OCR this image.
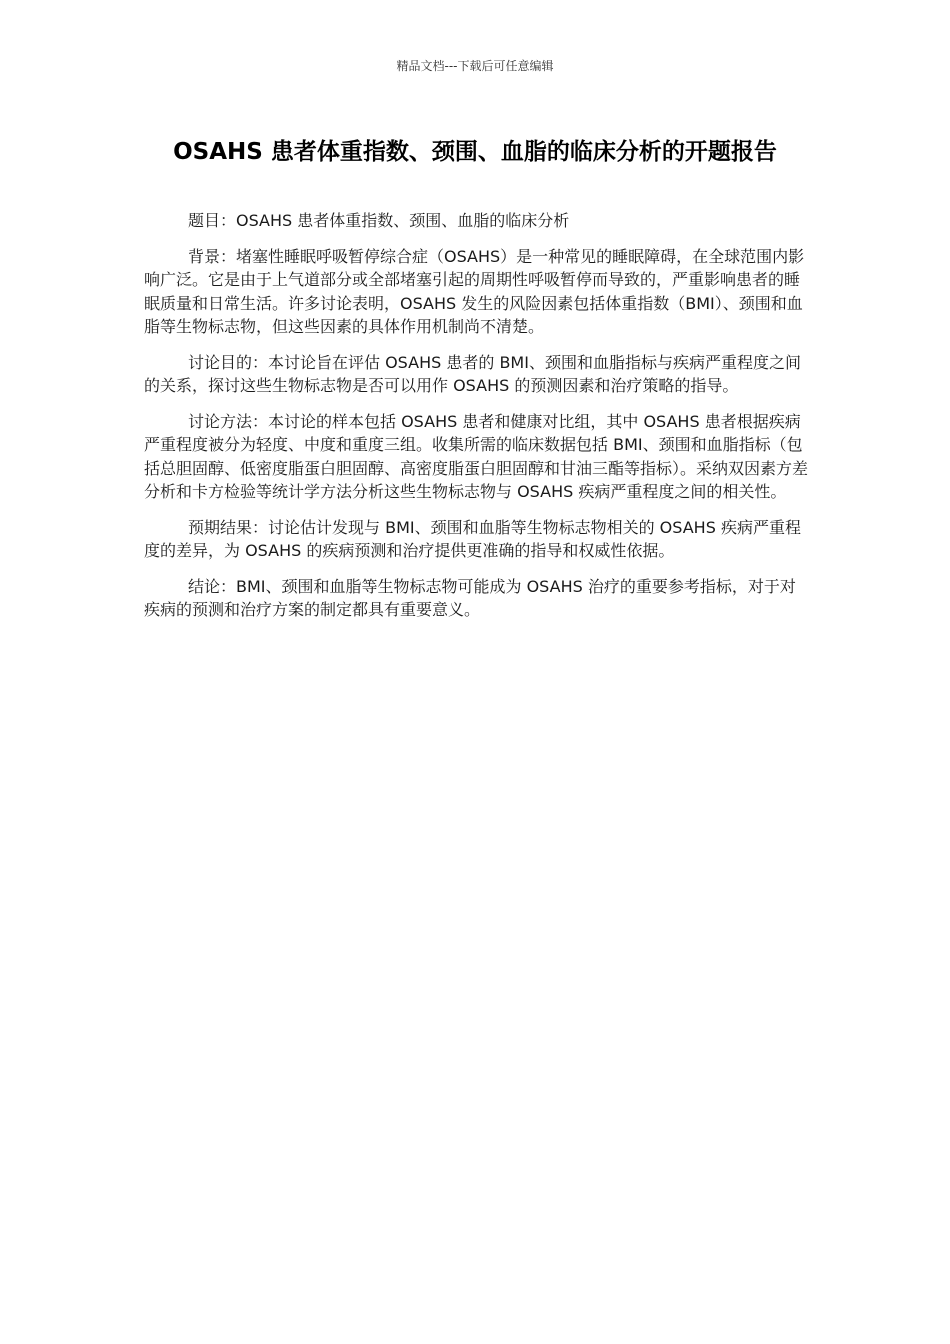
精品文档---下载后可任意编辑
OSAHS 患者体重指数、颈围、血脂的临床分析的开题报告

题目：OSAHS 患者体重指数、颈围、血脂的临床分析

背景：堵塞性睡眠呼吸暂停综合症（OSAHS）是一种常见的睡眠障碍，在全球范围内影响广泛。它是由于上气道部分或全部堵塞引起的周期性呼吸暂停而导致的，严重影响患者的睡眠质量和日常生活。许多讨论表明，OSAHS 发生的风险因素包括体重指数（BMI）、颈围和血脂等生物标志物，但这些因素的具体作用机制尚不清楚。

讨论目的：本讨论旨在评估 OSAHS 患者的 BMI、颈围和血脂指标与疾病严重程度之间的关系，探讨这些生物标志物是否可以用作 OSAHS 的预测因素和治疗策略的指导。

讨论方法：本讨论的样本包括 OSAHS 患者和健康对比组，其中 OSAHS 患者根据疾病严重程度被分为轻度、中度和重度三组。收集所需的临床数据包括 BMI、颈围和血脂指标（包括总胆固醇、低密度脂蛋白胆固醇、高密度脂蛋白胆固醇和甘油三酯等指标）。采纳双因素方差分析和卡方检验等统计学方法分析这些生物标志物与 OSAHS 疾病严重程度之间的相关性。

预期结果：讨论估计发现与 BMI、颈围和血脂等生物标志物相关的 OSAHS 疾病严重程度的差异，为 OSAHS 的疾病预测和治疗提供更准确的指导和权威性依据。

结论：BMI、颈围和血脂等生物标志物可能成为 OSAHS 治疗的重要参考指标，对于对疾病的预测和治疗方案的制定都具有重要意义。
